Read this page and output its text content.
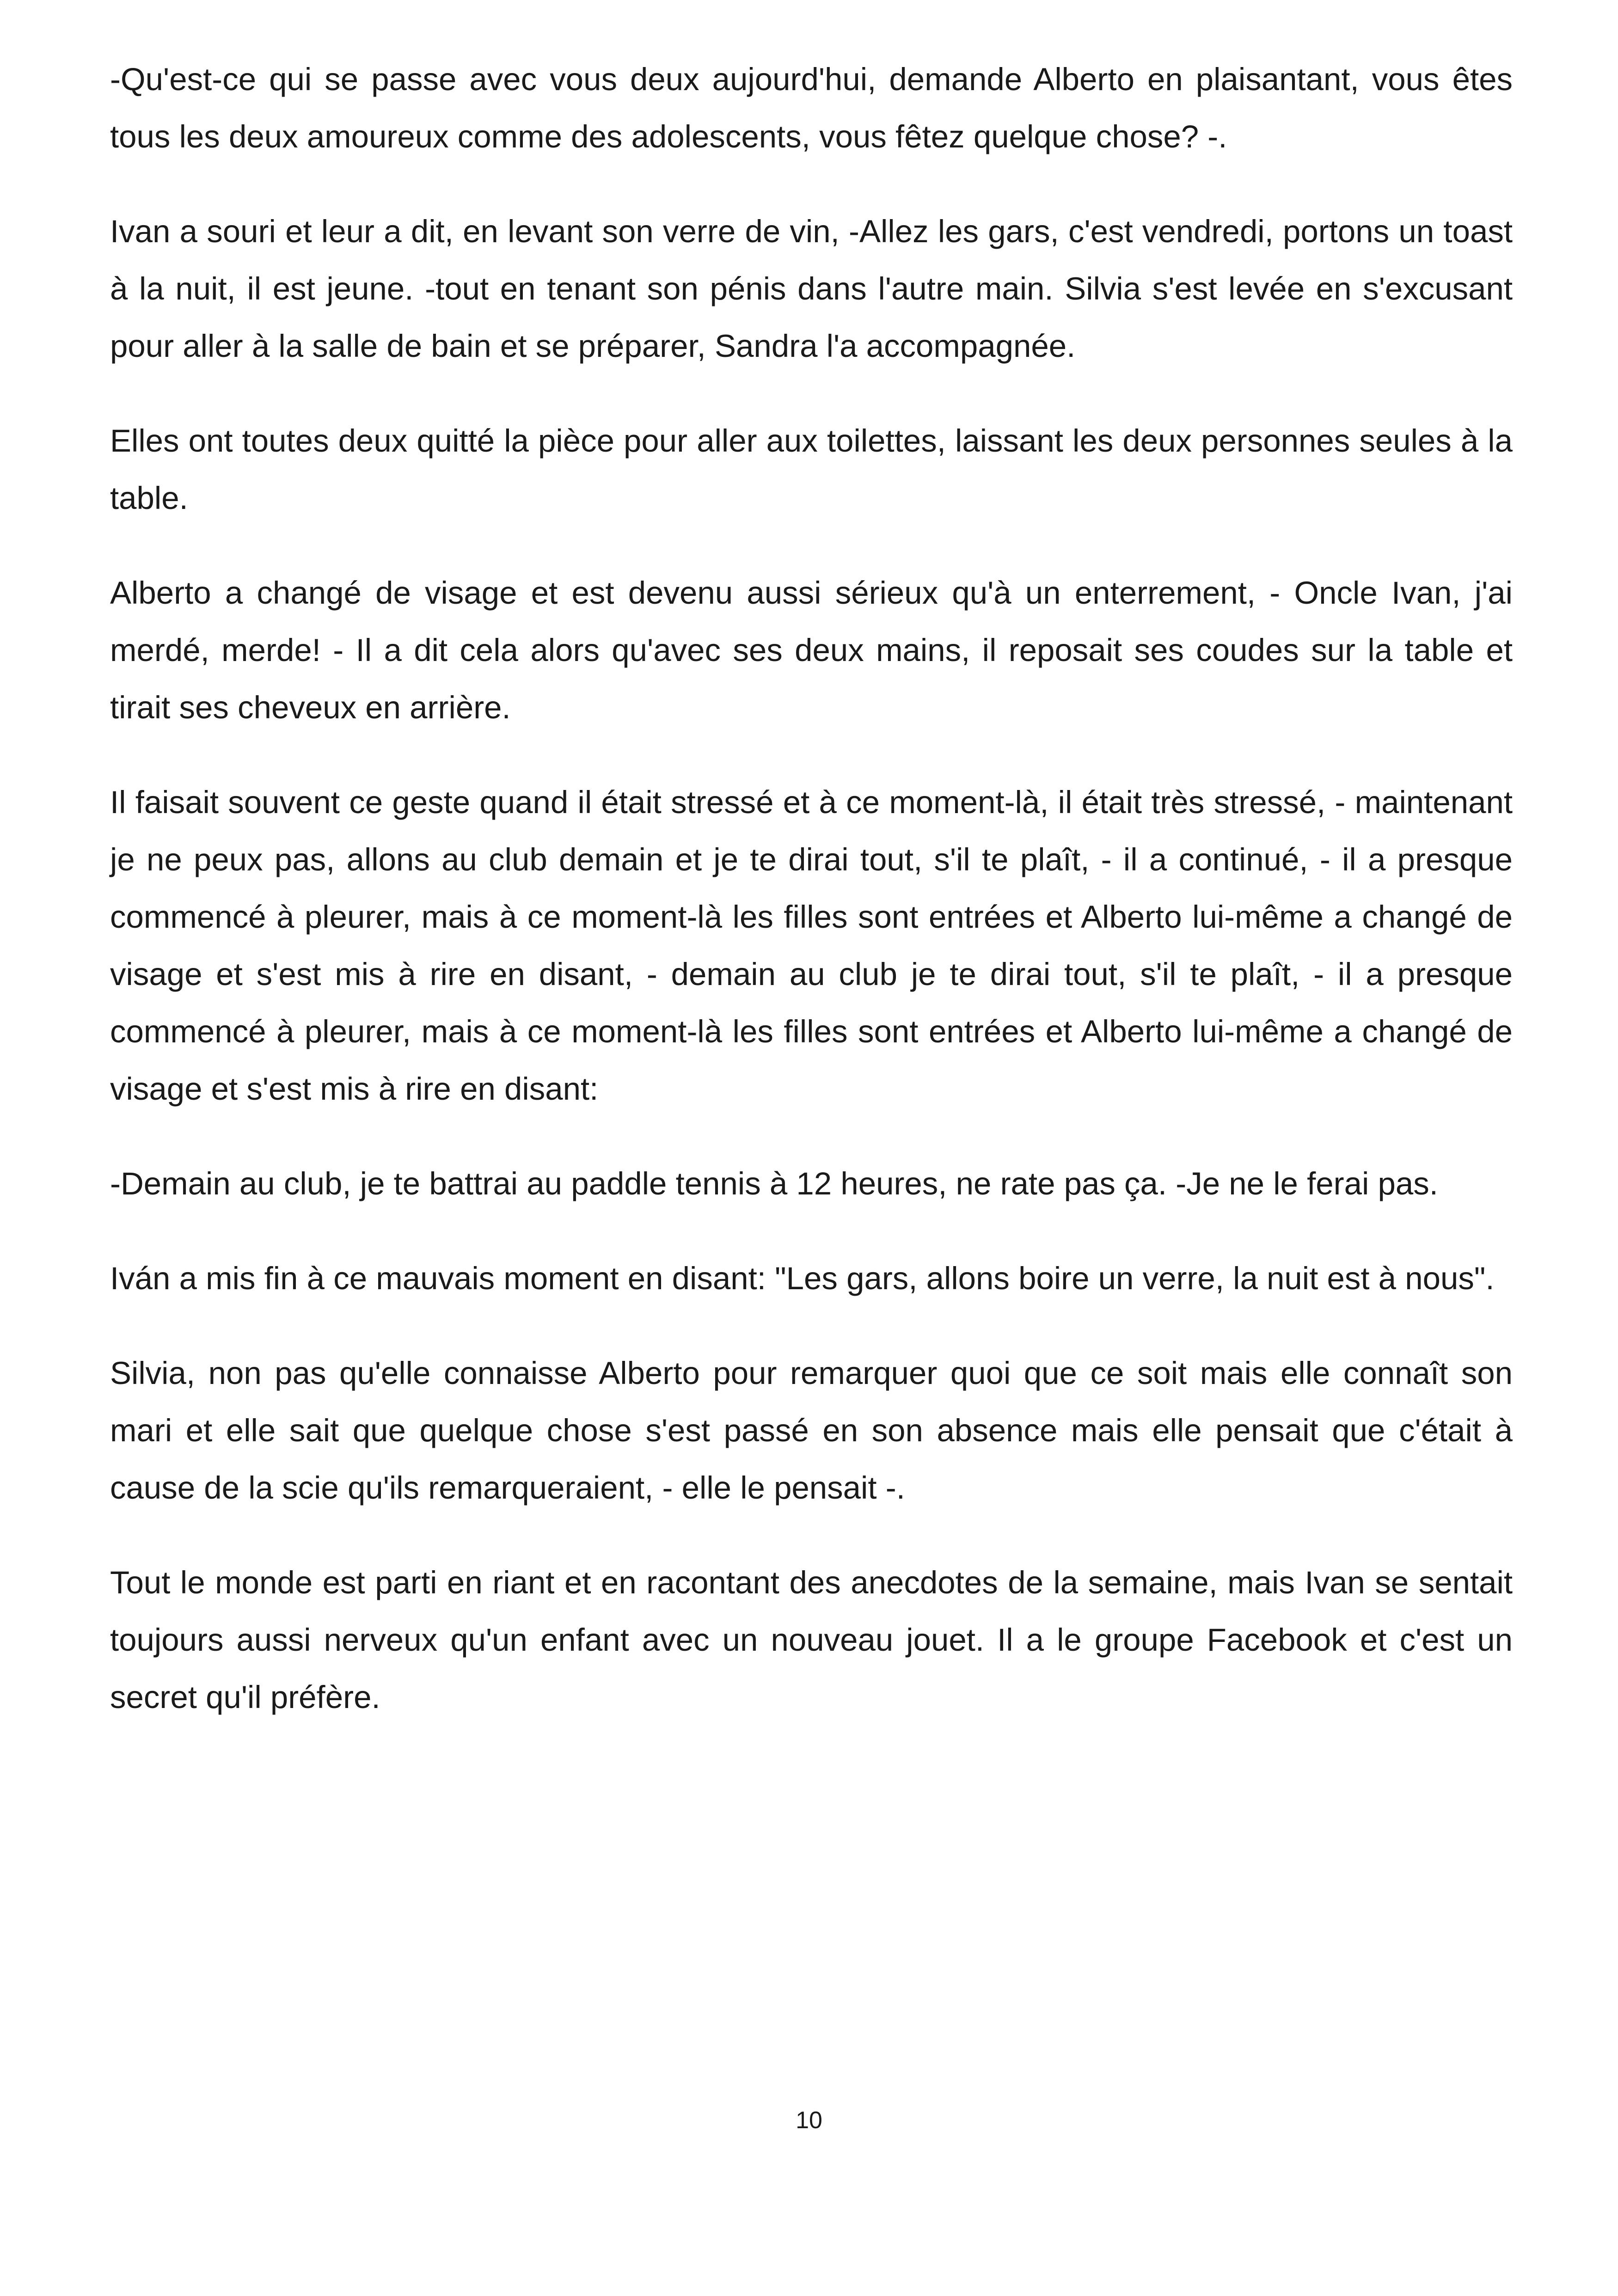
-Qu'est-ce qui se passe avec vous deux aujourd'hui, demande Alberto en plaisantant, vous êtes tous les deux amoureux comme des adolescents, vous fêtez quelque chose? -.

Ivan a souri et leur a dit, en levant son verre de vin, -Allez les gars, c'est vendredi, portons un toast à la nuit, il est jeune. -tout en tenant son pénis dans l'autre main. Silvia s'est levée en s'excusant pour aller à la salle de bain et se préparer, Sandra l'a accompagnée.

Elles ont toutes deux quitté la pièce pour aller aux toilettes, laissant les deux personnes seules à la table.

Alberto a changé de visage et est devenu aussi sérieux qu'à un enterrement, - Oncle Ivan, j'ai merdé, merde! - Il a dit cela alors qu'avec ses deux mains, il reposait ses coudes sur la table et tirait ses cheveux en arrière.

Il faisait souvent ce geste quand il était stressé et à ce moment-là, il était très stressé, - maintenant je ne peux pas, allons au club demain et je te dirai tout, s'il te plaît, - il a continué, - il a presque commencé à pleurer, mais à ce moment-là les filles sont entrées et Alberto lui-même a changé de visage et s'est mis à rire en disant, - demain au club je te dirai tout, s'il te plaît, - il a presque commencé à pleurer, mais à ce moment-là les filles sont entrées et Alberto lui-même a changé de visage et s'est mis à rire en disant:

-Demain au club, je te battrai au paddle tennis à 12 heures, ne rate pas ça. -Je ne le ferai pas.

Iván a mis fin à ce mauvais moment en disant: "Les gars, allons boire un verre, la nuit est à nous".

Silvia, non pas qu'elle connaisse Alberto pour remarquer quoi que ce soit mais elle connaît son mari et elle sait que quelque chose s'est passé en son absence mais elle pensait que c'était à cause de la scie qu'ils remarqueraient, - elle le pensait -.

Tout le monde est parti en riant et en racontant des anecdotes de la semaine, mais Ivan se sentait toujours aussi nerveux qu'un enfant avec un nouveau jouet. Il a le groupe Facebook et c'est un secret qu'il préfère.

10
